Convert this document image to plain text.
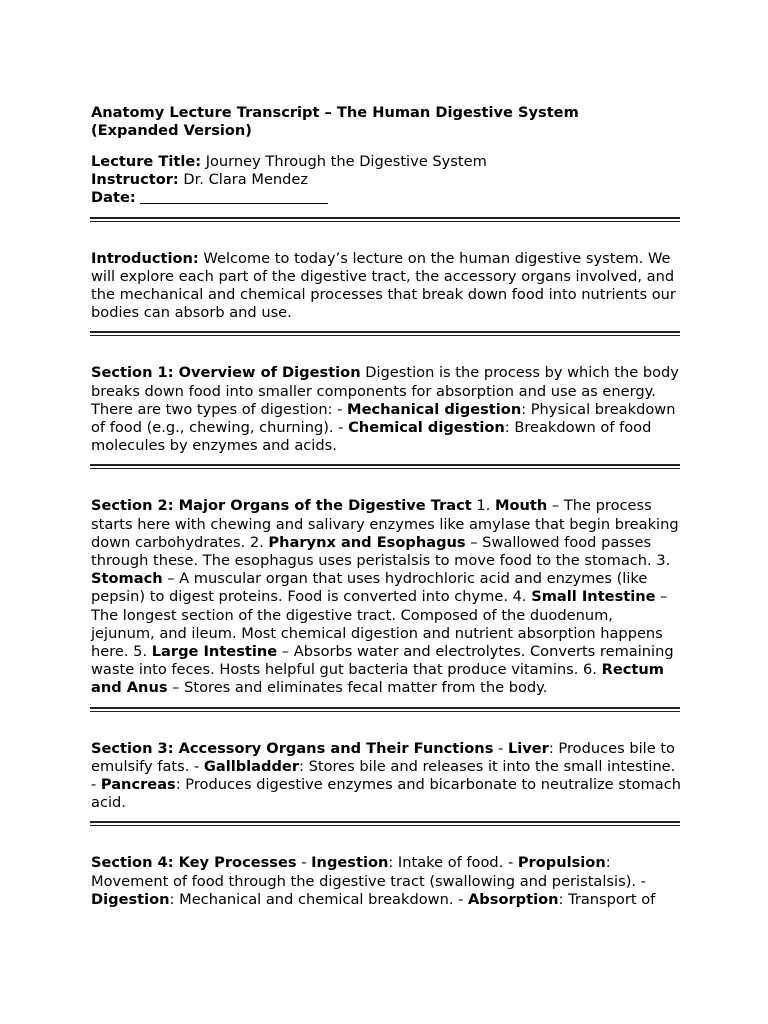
Anatomy Lecture Transcript – The Human Digestive System
(Expanded Version)

Lecture Title: Journey Through the Digestive System

Instructor: Dr. Clara Mendez

Date:

Introduction: Welcome to today’s lecture on the human digestive system. We will explore each part of the digestive tract, the accessory organs involved, and the mechanical and chemical processes that break down food into nutrients our bodies can absorb and use.

Section 1: Overview of Digestion Digestion is the process by which the body breaks down food into smaller components for absorption and use as energy. There are two types of digestion: - Mechanical digestion: Physical breakdown of food (e.g., chewing, churning). - Chemical digestion: Breakdown of food molecules by enzymes and acids.

Section 2: Major Organs of the Digestive Tract 1. Mouth – The process starts here with chewing and salivary enzymes like amylase that begin breaking down carbohydrates. 2. Pharynx and Esophagus – Swallowed food passes through these. The esophagus uses peristalsis to move food to the stomach. 3. Stomach – A muscular organ that uses hydrochloric acid and enzymes (like pepsin) to digest proteins. Food is converted into chyme. 4. Small Intestine – The longest section of the digestive tract. Composed of the duodenum, jejunum, and ileum. Most chemical digestion and nutrient absorption happens here. 5. Large Intestine – Absorbs water and electrolytes. Converts remaining waste into feces. Hosts helpful gut bacteria that produce vitamins. 6. Rectum and Anus – Stores and eliminates fecal matter from the body.

Section 3: Accessory Organs and Their Functions - Liver: Produces bile to emulsify fats. - Gallbladder: Stores bile and releases it into the small intestine. - Pancreas: Produces digestive enzymes and bicarbonate to neutralize stomach acid.

Section 4: Key Processes - Ingestion: Intake of food. - Propulsion: Movement of food through the digestive tract (swallowing and peristalsis). - Digestion: Mechanical and chemical breakdown. - Absorption: Transport of
